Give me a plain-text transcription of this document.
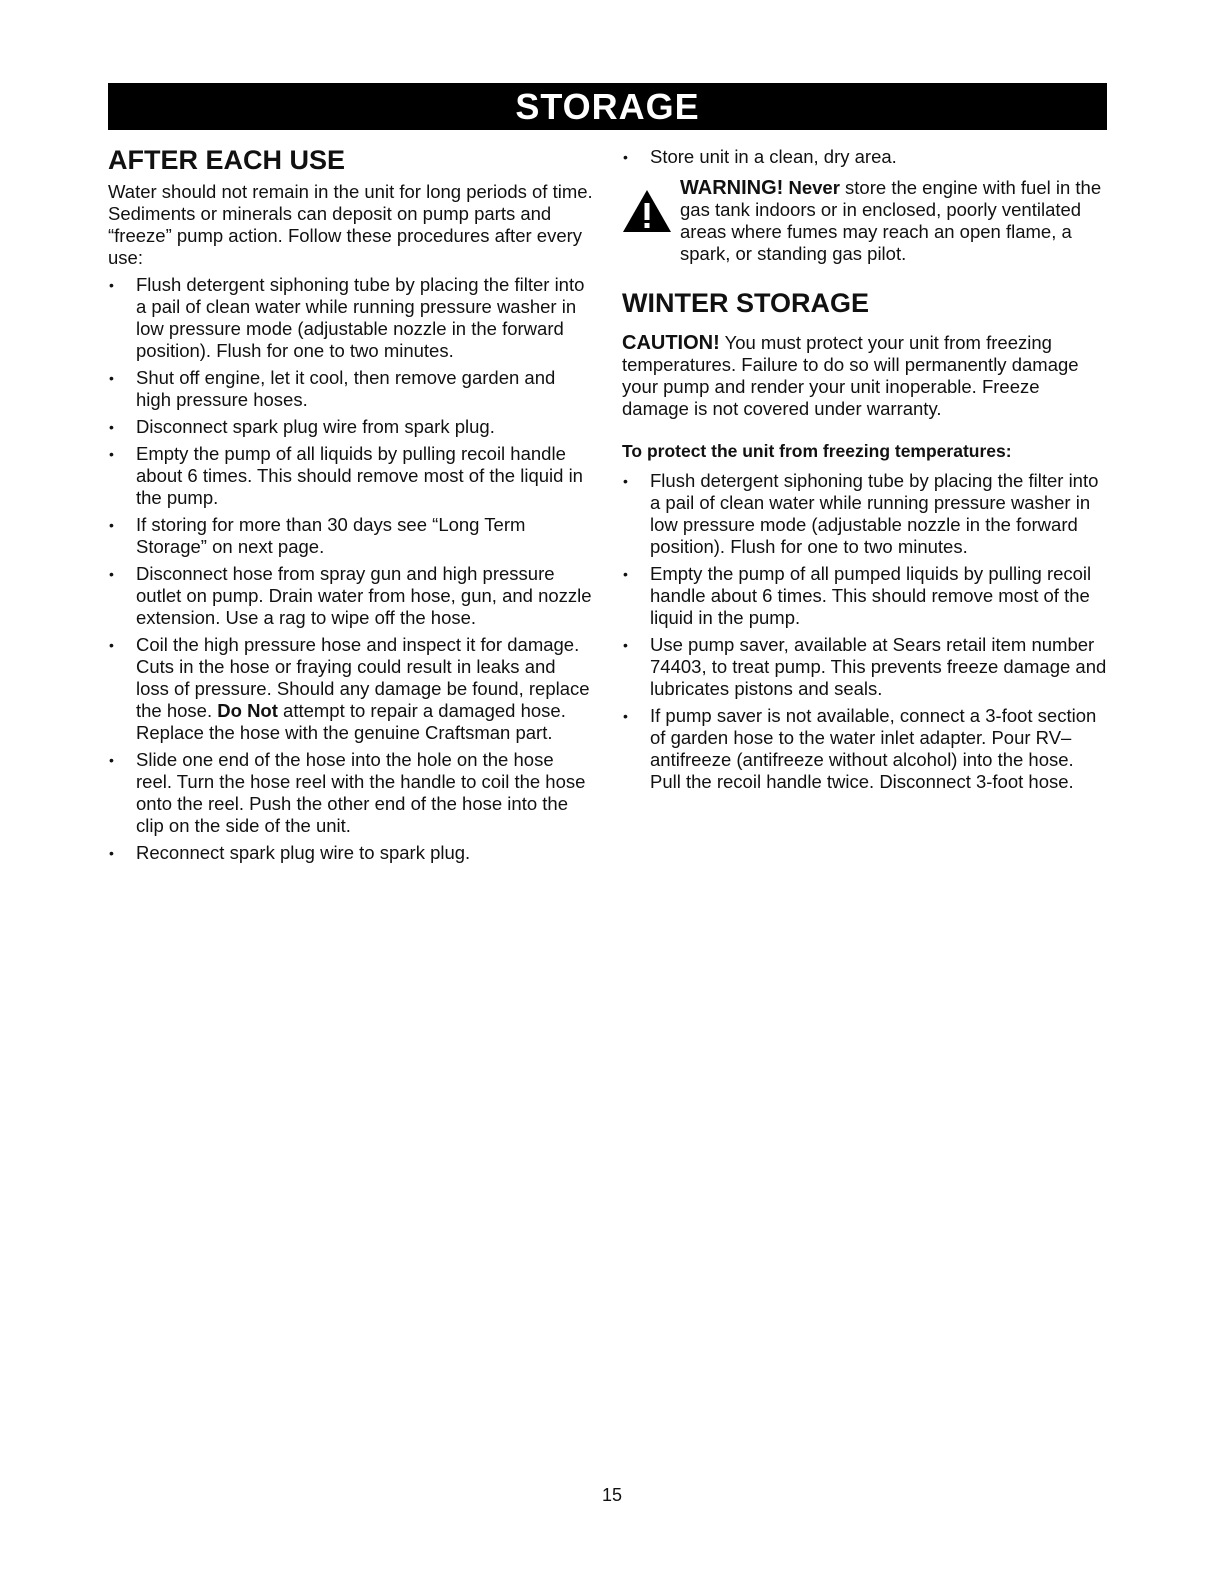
STORAGE
AFTER EACH USE

Water should not remain in the unit for long periods of time. Sediments or minerals can deposit on pump parts and “freeze” pump action. Follow these procedures after every use:

• Flush detergent siphoning tube by placing the filter into a pail of clean water while running pressure washer in low pressure mode (adjustable nozzle in the forward position). Flush for one to two minutes.
• Shut off engine, let it cool, then remove garden and high pressure hoses.
• Disconnect spark plug wire from spark plug.
• Empty the pump of all liquids by pulling recoil handle about 6 times. This should remove most of the liquid in the pump.
• If storing for more than 30 days see “Long Term Storage” on next page.
• Disconnect hose from spray gun and high pressure outlet on pump. Drain water from hose, gun, and nozzle extension. Use a rag to wipe off the hose.
• Coil the high pressure hose and inspect it for damage. Cuts in the hose or fraying could result in leaks and loss of pressure. Should any damage be found, replace the hose. Do Not attempt to repair a damaged hose. Replace the hose with the genuine Craftsman part.
• Slide one end of the hose into the hole on the hose reel. Turn the hose reel with the handle to coil the hose onto the reel. Push the other end of the hose into the clip on the side of the unit.
• Reconnect spark plug wire to spark plug.
• Store unit in a clean, dry area.
WARNING! Never store the engine with fuel in the gas tank indoors or in enclosed, poorly ventilated areas where fumes may reach an open flame, a spark, or standing gas pilot.
WINTER STORAGE

CAUTION! You must protect your unit from freezing temperatures. Failure to do so will permanently damage your pump and render your unit inoperable. Freeze damage is not covered under warranty.

To protect the unit from freezing temperatures:

• Flush detergent siphoning tube by placing the filter into a pail of clean water while running pressure washer in low pressure mode (adjustable nozzle in the forward position). Flush for one to two minutes.
• Empty the pump of all pumped liquids by pulling recoil handle about 6 times. This should remove most of the liquid in the pump.
• Use pump saver, available at Sears retail item number 74403, to treat pump. This prevents freeze damage and lubricates pistons and seals.
• If pump saver is not available, connect a 3-foot section of garden hose to the water inlet adapter. Pour RV–antifreeze (antifreeze without alcohol) into the hose. Pull the recoil handle twice. Disconnect 3-foot hose.
15
